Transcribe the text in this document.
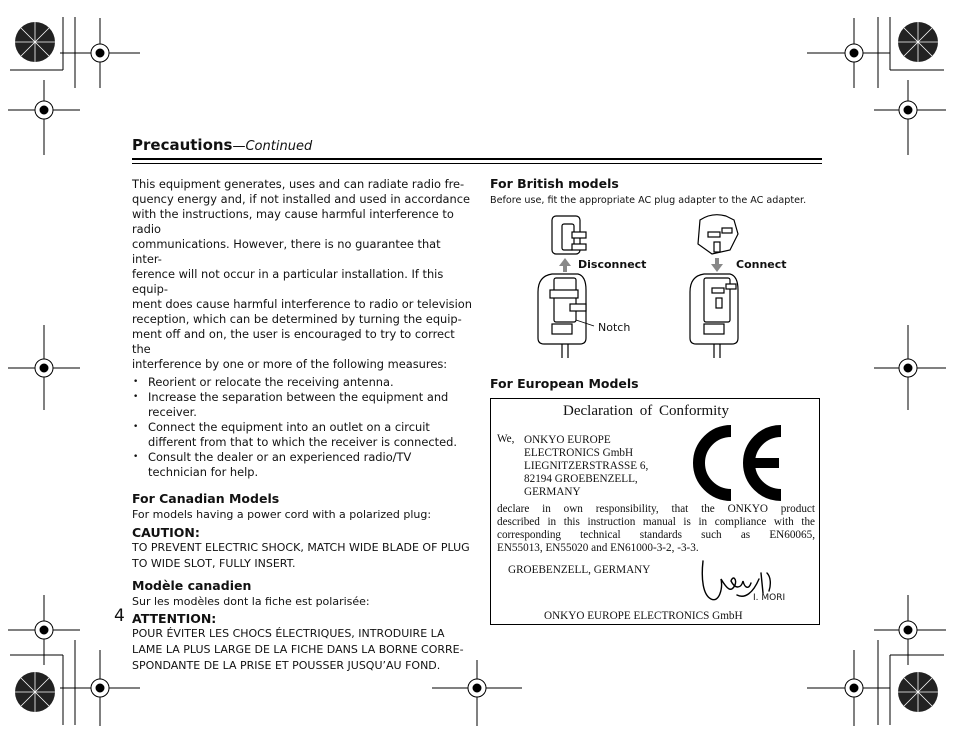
Precautions—Continued
This equipment generates, uses and can radiate radio fre-
quency energy and, if not installed and used in accordance
with the instructions, may cause harmful interference to radio
communications. However, there is no guarantee that inter-
ference will not occur in a particular installation. If this equip-
ment does cause harmful interference to radio or television
reception, which can be determined by turning the equip-
ment off and on, the user is encouraged to try to correct the
interference by one or more of the following measures:
• Reorient or relocate the receiving antenna.
• Increase the separation between the equipment and receiver.
• Connect the equipment into an outlet on a circuit different from that to which the receiver is connected.
• Consult the dealer or an experienced radio/TV technician for help.
For Canadian Models
For models having a power cord with a polarized plug:
CAUTION:
TO PREVENT ELECTRIC SHOCK, MATCH WIDE BLADE OF PLUG
TO WIDE SLOT, FULLY INSERT.
Modèle canadien
Sur les modèles dont la fiche est polarisée:
ATTENTION:
POUR ÉVITER LES CHOCS ÉLECTRIQUES, INTRODUIRE LA
LAME LA PLUS LARGE DE LA FICHE DANS LA BORNE CORRE-
SPONDANTE DE LA PRISE ET POUSSER JUSQU’AU FOND.
4
For British models
Before use, fit the appropriate AC plug adapter to the AC adapter.
Disconnect	Connect
Notch
For European Models
Declaration of Conformity
We, ONKYO EUROPE
ELECTRONICS GmbH
LIEGNITZERSTRASSE 6,
82194 GROEBENZELL,
GERMANY
declare in own responsibility, that the ONKYO product
described in this instruction manual is in compliance with the
corresponding technical standards such as EN60065,
EN55013, EN55020 and EN61000-3-2, -3-3.
GROEBENZELL, GERMANY
I. MORI
ONKYO EUROPE ELECTRONICS GmbH
